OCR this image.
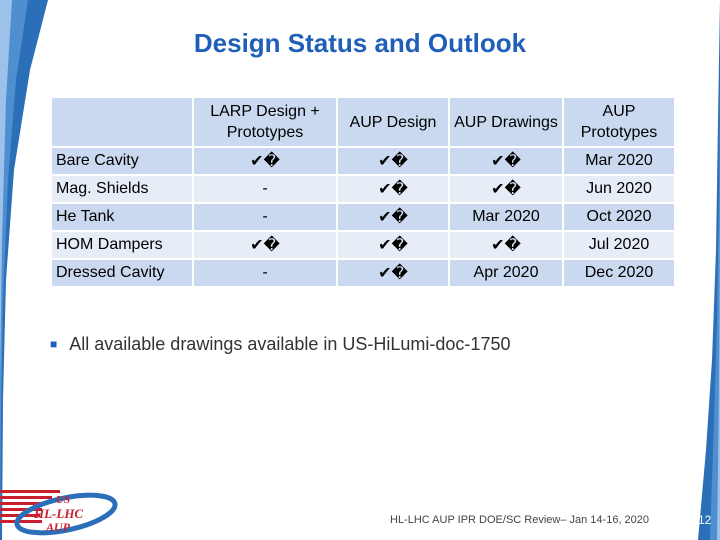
Design Status and Outlook
	LARP Design + Prototypes	AUP Design	AUP Drawings	AUP Prototypes
Bare Cavity	✔�	✔�	✔�	Mar 2020
Mag. Shields	-	✔�	✔�	Jun 2020
He Tank	-	✔�	Mar 2020	Oct 2020
HOM Dampers	✔�	✔�	✔�	Jul 2020
Dressed Cavity	-	✔�	Apr 2020	Dec 2020
■ All available drawings available in US-HiLumi-doc-1750
US
HL-LHC
AUP	HL-LHC AUP IPR DOE/SC Review– Jan 14-16, 2020	12
